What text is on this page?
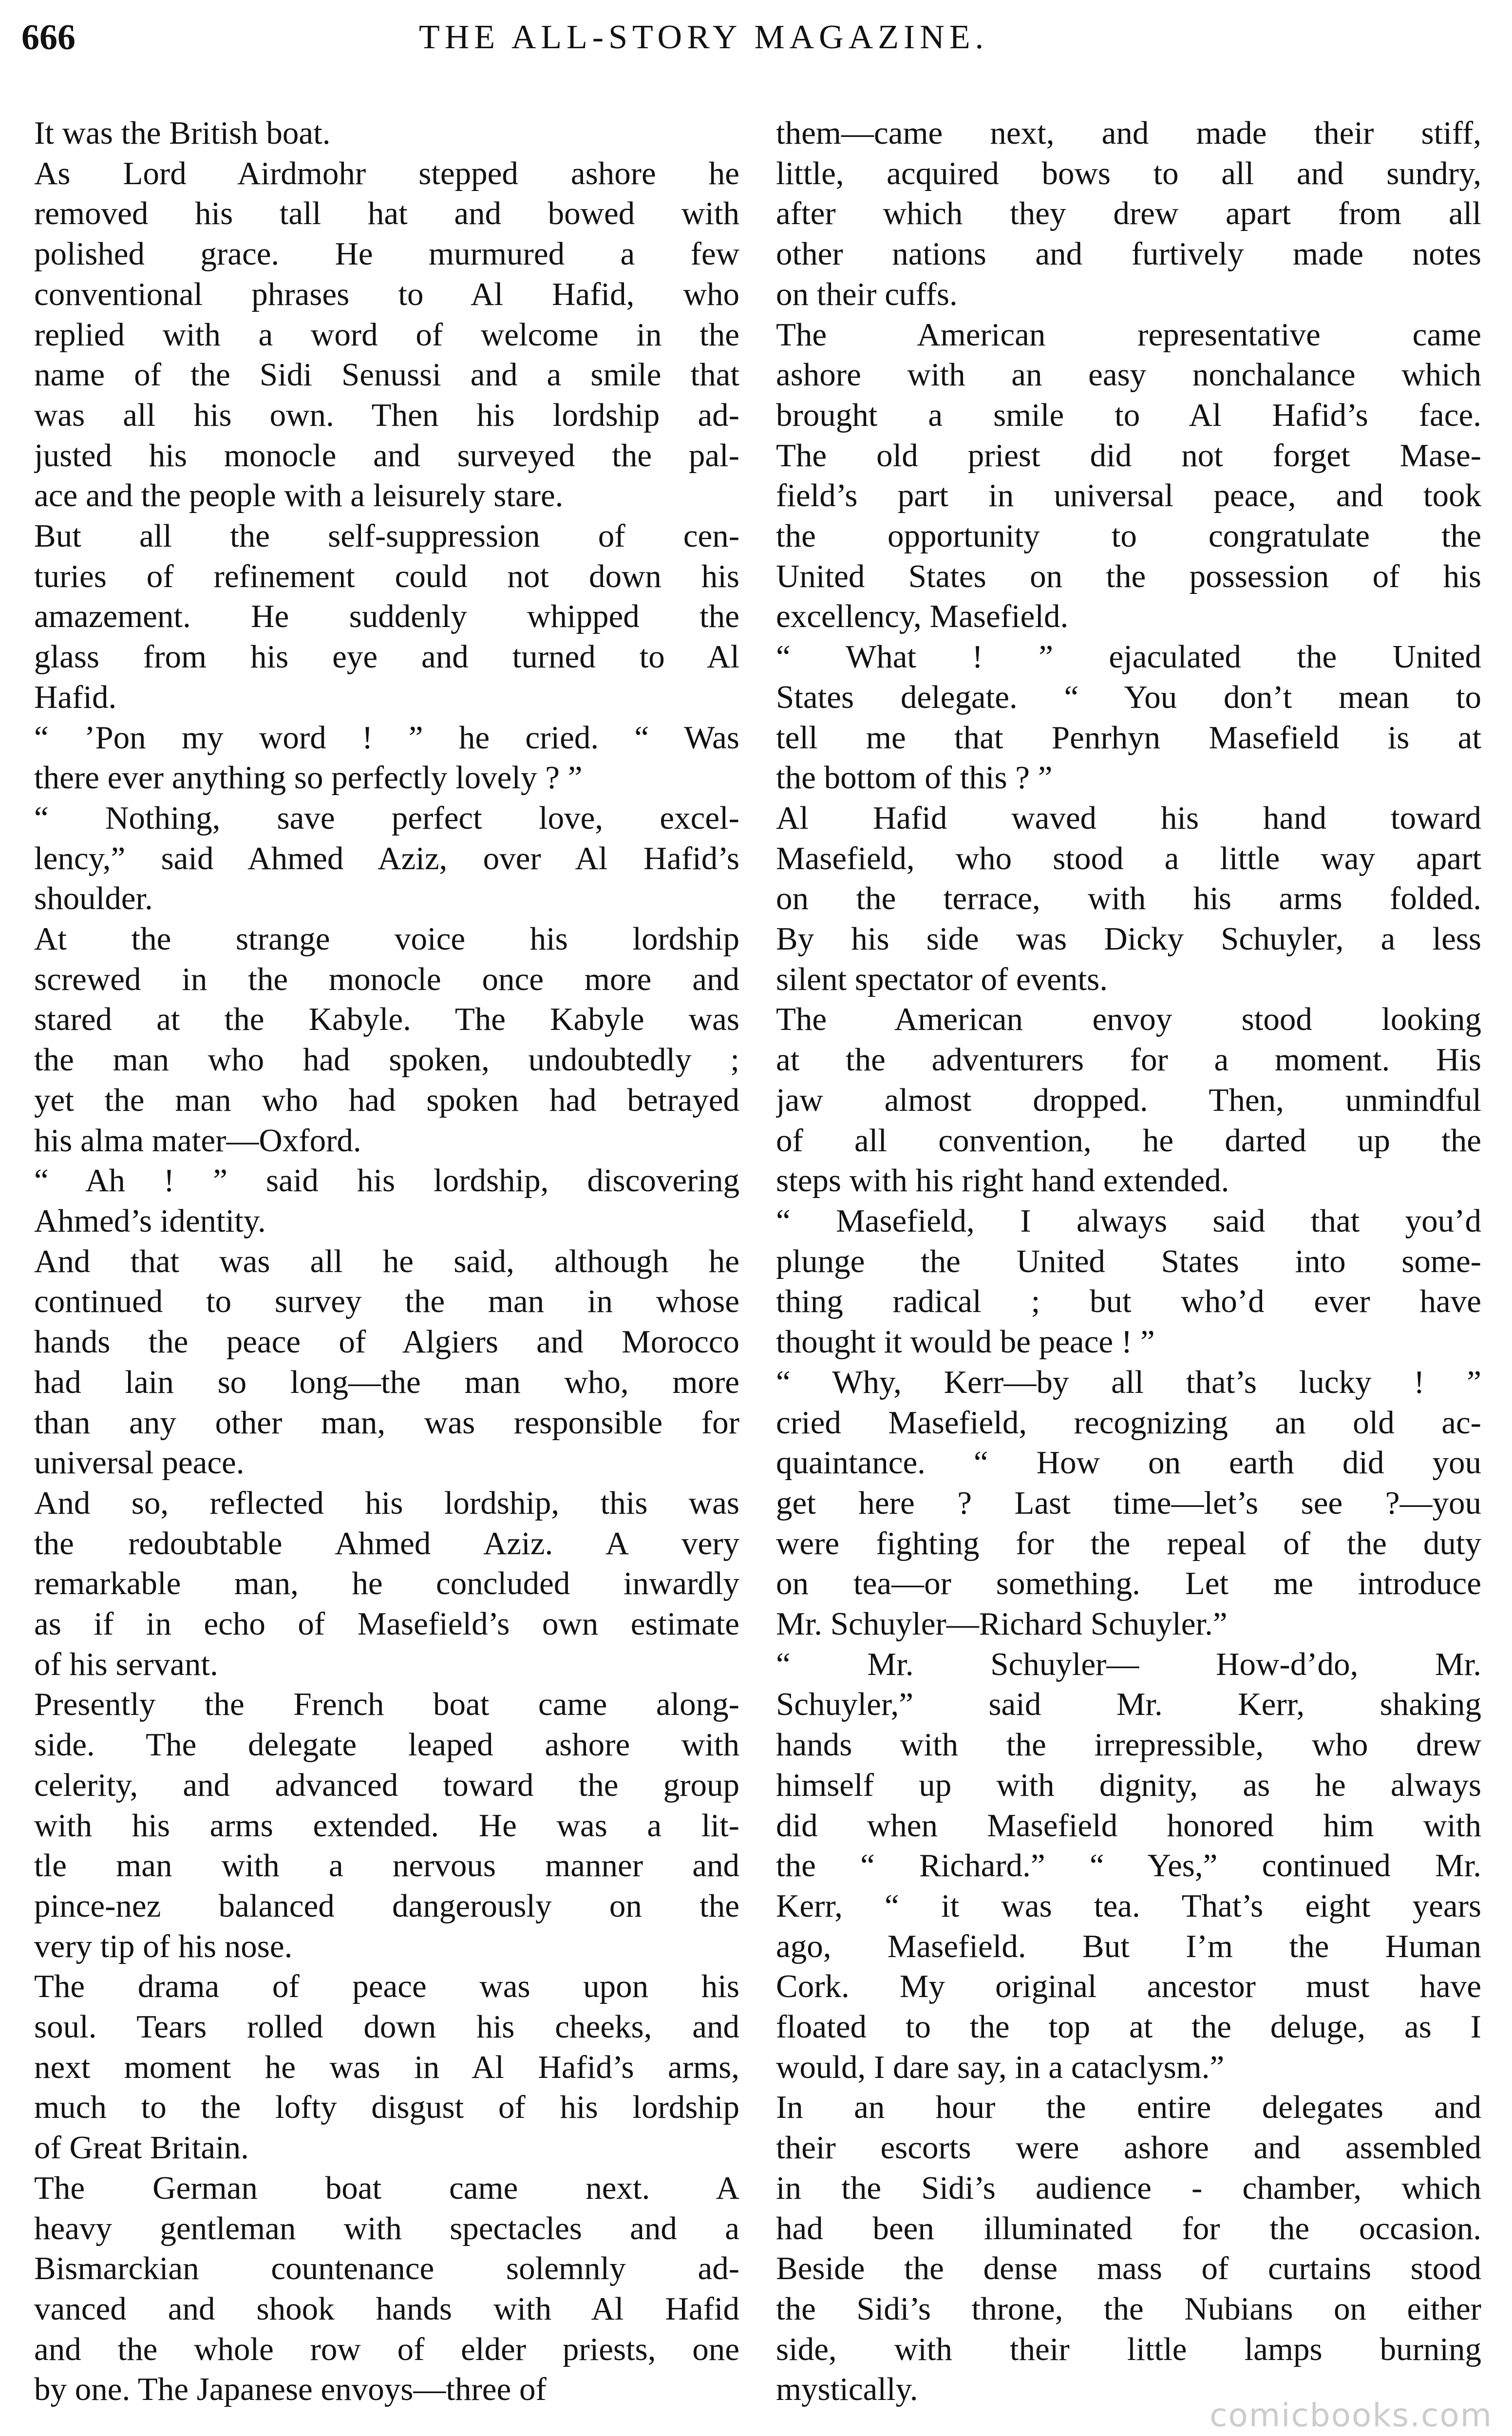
666	THE ALL-STORY MAGAZINE.

It was the British boat.

As Lord Airdmohr stepped ashore he
removed his tall hat and bowed with
polished grace. He murmured a few
conventional phrases to Al Hafid, who
replied with a word of welcome in the
name of the Sidi Senussi and a smile that
was all his own. Then his lordship ad-
justed his monocle and surveyed the pal-
ace and the people with a leisurely stare.

But all the self-suppression of cen-
turies of refinement could not down his
amazement. He suddenly whipped the
glass from his eye and turned to Al
Hafid.

“ ’Pon my word ! ” he cried. “ Was
there ever anything so perfectly lovely ? ”

“ Nothing, save perfect love, excel-
lency,” said Ahmed Aziz, over Al Hafid’s
shoulder.

At the strange voice his lordship
screwed in the monocle once more and
stared at the Kabyle. The Kabyle was
the man who had spoken, undoubtedly ;
yet the man who had spoken had betrayed
his alma mater—Oxford.

“ Ah ! ” said his lordship, discovering
Ahmed’s identity.

And that was all he said, although he
continued to survey the man in whose
hands the peace of Algiers and Morocco
had lain so long—the man who, more
than any other man, was responsible for
universal peace.

And so, reflected his lordship, this was
the redoubtable Ahmed Aziz. A very
remarkable man, he concluded inwardly
as if in echo of Masefield’s own estimate
of his servant.

Presently the French boat came along-
side. The delegate leaped ashore with
celerity, and advanced toward the group
with his arms extended. He was a lit-
tle man with a nervous manner and
pince-nez balanced dangerously on the
very tip of his nose.

The drama of peace was upon his
soul. Tears rolled down his cheeks, and
next moment he was in Al Hafid’s arms,
much to the lofty disgust of his lordship
of Great Britain.

The German boat came next. A
heavy gentleman with spectacles and a
Bismarckian countenance solemnly ad-
vanced and shook hands with Al Hafid
and the whole row of elder priests, one
by one. The Japanese envoys—three of

them—came next, and made their stiff,
little, acquired bows to all and sundry,
after which they drew apart from all
other nations and furtively made notes
on their cuffs.

The American representative came
ashore with an easy nonchalance which
brought a smile to Al Hafid’s face.
The old priest did not forget Mase-
field’s part in universal peace, and took
the opportunity to congratulate the
United States on the possession of his
excellency, Masefield.

“ What ! ” ejaculated the United
States delegate. “ You don’t mean to
tell me that Penrhyn Masefield is at
the bottom of this ? ”

Al Hafid waved his hand toward
Masefield, who stood a little way apart
on the terrace, with his arms folded.
By his side was Dicky Schuyler, a less
silent spectator of events.

The American envoy stood looking
at the adventurers for a moment. His
jaw almost dropped. Then, unmindful
of all convention, he darted up the
steps with his right hand extended.

“ Masefield, I always said that you’d
plunge the United States into some-
thing radical ; but who’d ever have
thought it would be peace ! ”

“ Why, Kerr—by all that’s lucky ! ”
cried Masefield, recognizing an old ac-
quaintance. “ How on earth did you
get here ? Last time—let’s see ?—you
were fighting for the repeal of the duty
on tea—or something. Let me introduce
Mr. Schuyler—Richard Schuyler.”

“ Mr. Schuyler— How-d’do, Mr.
Schuyler,” said Mr. Kerr, shaking
hands with the irrepressible, who drew
himself up with dignity, as he always
did when Masefield honored him with
the “ Richard.” “ Yes,” continued Mr.
Kerr, “ it was tea. That’s eight years
ago, Masefield. But I’m the Human
Cork. My original ancestor must have
floated to the top at the deluge, as I
would, I dare say, in a cataclysm.”

In an hour the entire delegates and
their escorts were ashore and assembled
in the Sidi’s audience - chamber, which
had been illuminated for the occasion.
Beside the dense mass of curtains stood
the Sidi’s throne, the Nubians on either
side, with their little lamps burning
mystically.

comicbooks.com
